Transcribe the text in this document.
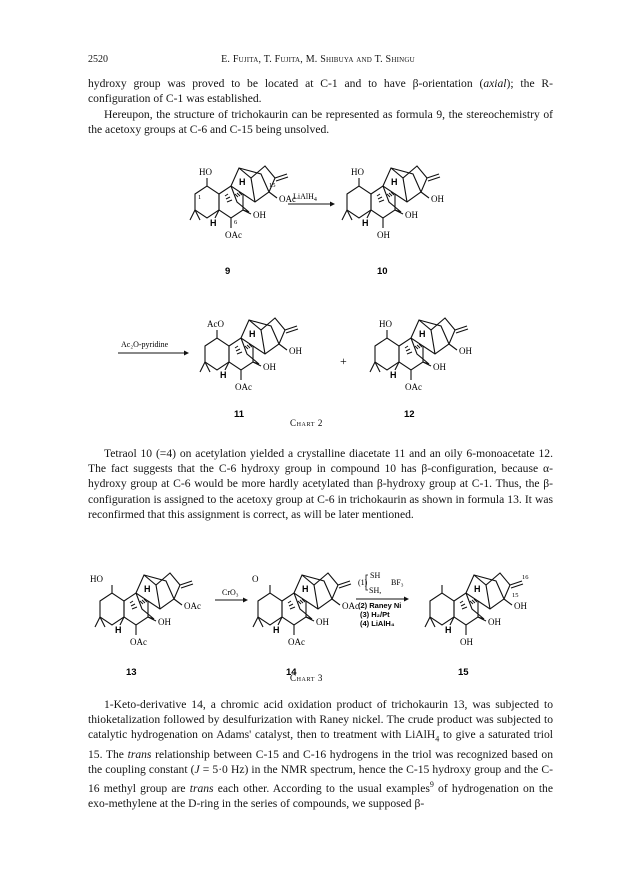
2520	E. Fujita, T. Fujita, M. Shibuya and T. Shingu

hydroxy group was proved to be located at C-1 and to have β-orientation (axial); the R-configuration of C-1 was established.

Hereupon, the structure of trichokaurin can be represented as formula 9, the stereochemistry of the acetoxy groups at C-6 and C-15 being unsolved.

HO
H
H
OAc
OH
OAc
1
15
6
9
LiAlH$_4$
HO
H
H
OH
OH
OH
10
Ac₂O-pyridine
AcO
H
H
OH
OH
OAc
11
+
HO
H
H
OH
OH
OAc
12
Chart 2

Tetraol 10 (=4) on acetylation yielded a crystalline diacetate 11 and an oily 6-monoacetate 12. The fact suggests that the C-6 hydroxy group in compound 10 has β-configuration, because α-hydroxy group at C-6 would be more hardly acetylated than β-hydroxy group at C-1. Thus, the β-configuration is assigned to the acetoxy group at C-6 in trichokaurin as shown in formula 13. It was reconfirmed that this assignment is correct, as will be later mentioned.

HO
H
H
OAc
OH
OAc
13
CrO₃
O
H
H
OAc
OH
OAc
14
SH
(1)
SH,
BF₃
(2) Raney Ni
(3) H₂/Pt
(4) LiAlH₄
H
H
OH
OH
OH
16
15
15
Chart 3

1-Keto-derivative 14, a chromic acid oxidation product of trichokaurin 13, was subjected to thioketalization followed by desulfurization with Raney nickel. The crude product was subjected to catalytic hydrogenation on Adams' catalyst, then to treatment with LiAlH$_4$ to give a saturated triol 15. The trans relationship between C-15 and C-16 hydrogens in the triol was recognized based on the coupling constant (J = 5·0 Hz) in the NMR spectrum, hence the C-15 hydroxy group and the C-16 methyl group are trans each other. According to the usual examples$^9$ of hydrogenation on the exo-methylene at the D-ring in the series of compounds, we supposed β-
